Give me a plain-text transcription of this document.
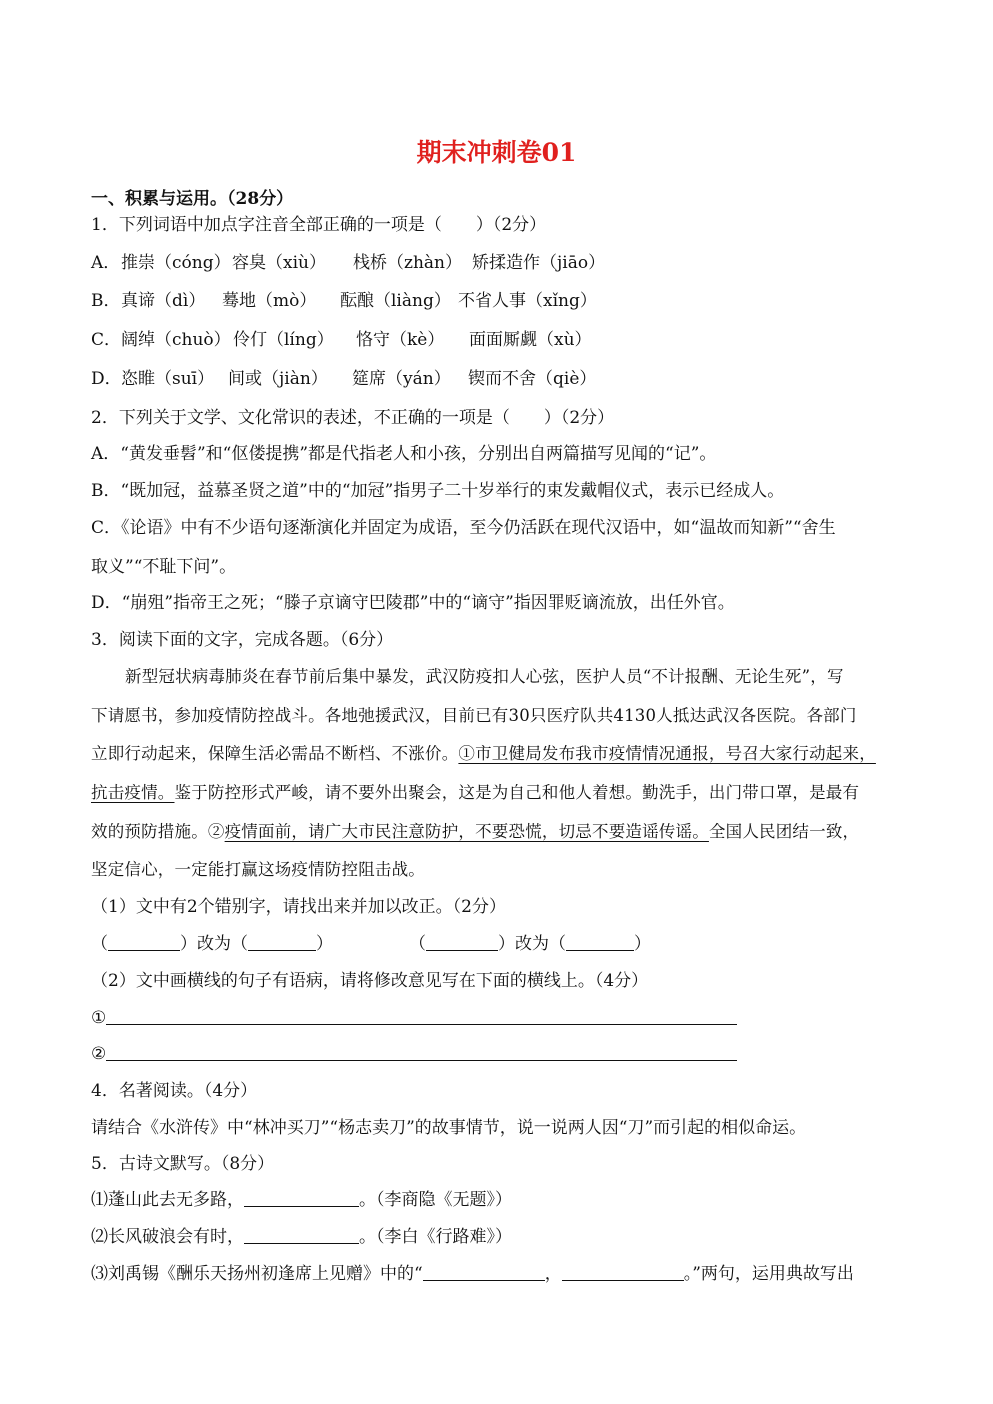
期末冲刺卷01
一、积累与运用。（28分）
1．下列词语中加点字注音全部正确的一项是（　　）（2分）
A．推崇（cóng）容臭（xiù） 栈桥（zhàn） 矫揉造作（jiāo）
B．真谛（dì） 蓦地（mò） 酝酿（liàng） 不省人事（xǐng）
C．阔绰（chuò） 伶仃（líng） 恪守（kè） 面面厮觑（xù）
D．恣睢（suī） 间或（jiàn） 筵席（yán） 锲而不舍（qiè）
2．下列关于文学、文化常识的表述，不正确的一项是（　　）（2分）
A．“黄发垂髫”和“伛偻提携”都是代指老人和小孩，分别出自两篇描写见闻的“记”。
B．“既加冠，益慕圣贤之道”中的“加冠”指男子二十岁举行的束发戴帽仪式，表示已经成人。
C．《论语》中有不少语句逐渐演化并固定为成语，至今仍活跃在现代汉语中，如“温故而知新”“舍生
取义”“不耻下问”。
D．“崩殂”指帝王之死；“滕子京谪守巴陵郡”中的“谪守”指因罪贬谪流放，出任外官。
3．阅读下面的文字，完成各题。（6分）
新型冠状病毒肺炎在春节前后集中暴发，武汉防疫扣人心弦，医护人员“不计报酬、无论生死”，写
下请愿书，参加疫情防控战斗。各地弛援武汉，目前已有30只医疗队共4130人抵达武汉各医院。各部门
立即行动起来，保障生活必需品不断档、不涨价。①市卫健局发布我市疫情情况通报，号召大家行动起来，
抗击疫情。鉴于防控形式严峻，请不要外出聚会，这是为自己和他人着想。勤洗手，出门带口罩，是最有
效的预防措施。②疫情面前，请广大市民注意防护，不要恐慌，切忌不要造谣传谣。全国人民团结一致，
坚定信心，一定能打赢这场疫情防控阻击战。
（1）文中有2个错别字，请找出来并加以改正。（2分）
（	）改为（	）	（	）改为（	）
（2）文中画横线的句子有语病，请将修改意见写在下面的横线上。（4分）
①
②
4．名著阅读。（4分）
请结合《水浒传》中“林冲买刀”“杨志卖刀”的故事情节，说一说两人因“刀”而引起的相似命运。
5．古诗文默写。（8分）
⑴蓬山此去无多路，	。（李商隐《无题》）
⑵长风破浪会有时，	。（李白《行路难》）
⑶刘禹锡《酬乐天扬州初逢席上见赠》中的“	，	。”两句，运用典故写出
